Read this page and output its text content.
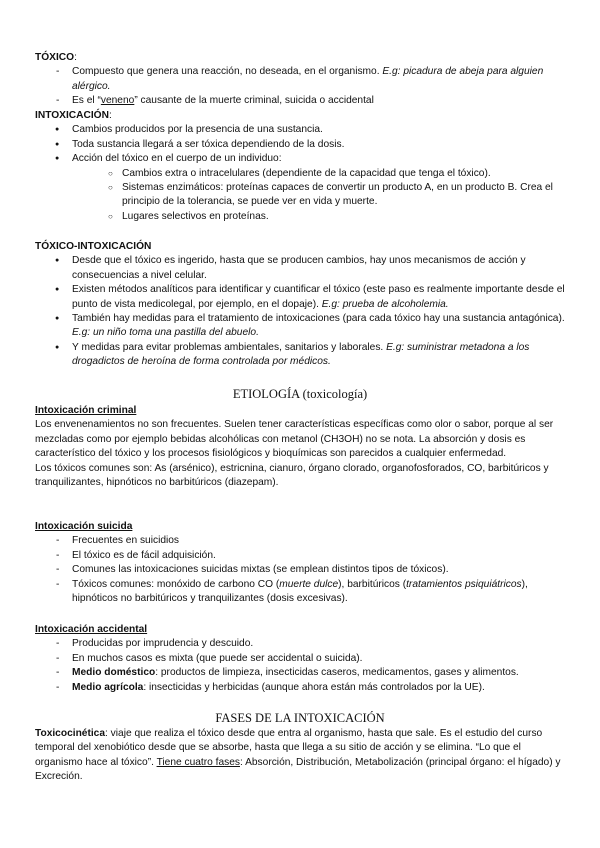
TÓXICO:
- Compuesto que genera una reacción, no deseada, en el organismo. E.g: picadura de abeja para alguien alérgico.
- Es el “veneno” causante de la muerte criminal, suicida o accidental
INTOXICACIÓN:
● Cambios producidos por la presencia de una sustancia.
● Toda sustancia llegará a ser tóxica dependiendo de la dosis.
● Acción del tóxico en el cuerpo de un individuo:
○ Cambios extra o intracelulares (dependiente de la capacidad que tenga el tóxico).
○ Sistemas enzimáticos: proteínas capaces de convertir un producto A, en un producto B. Crea el principio de la tolerancia, se puede ver en vida y muerte.
○ Lugares selectivos en proteínas.
TÓXICO-INTOXICACIÓN
● Desde que el tóxico es ingerido, hasta que se producen cambios, hay unos mecanismos de acción y consecuencias a nivel celular.
● Existen métodos analíticos para identificar y cuantificar el tóxico (este paso es realmente importante desde el punto de vista medicolegal, por ejemplo, en el dopaje). E.g: prueba de alcoholemia.
● También hay medidas para el tratamiento de intoxicaciones (para cada tóxico hay una sustancia antagónica). E.g: un niño toma una pastilla del abuelo.
● Y medidas para evitar problemas ambientales, sanitarios y laborales. E.g: suministrar metadona a los drogadictos de heroína de forma controlada por médicos.
ETIOLOGÍA (toxicología)
Intoxicación criminal

Los envenenamientos no son frecuentes. Suelen tener características específicas como olor o sabor, porque al ser mezcladas como por ejemplo bebidas alcohólicas con metanol (CH3OH) no se nota. La absorción y dosis es característico del tóxico y los procesos fisiológicos y bioquímicas son parecidos a cualquier enfermedad.

Los tóxicos comunes son: As (arsénico), estricnina, cianuro, órgano clorado, organofosforados, CO, barbitúricos y tranquilizantes, hipnóticos no barbitúricos (diazepam).

Intoxicación suicida
- Frecuentes en suicidios
- El tóxico es de fácil adquisición.
- Comunes las intoxicaciones suicidas mixtas (se emplean distintos tipos de tóxicos).
- Tóxicos comunes: monóxido de carbono CO (muerte dulce), barbitúricos (tratamientos psiquiátricos), hipnóticos no barbitúricos y tranquilizantes (dosis excesivas).
Intoxicación accidental
- Producidas por imprudencia y descuido.
- En muchos casos es mixta (que puede ser accidental o suicida).
- Medio doméstico: productos de limpieza, insecticidas caseros, medicamentos, gases y alimentos.
- Medio agrícola: insecticidas y herbicidas (aunque ahora están más controlados por la UE).
FASES DE LA INTOXICACIÓN

Toxicocinética: viaje que realiza el tóxico desde que entra al organismo, hasta que sale. Es el estudio del curso temporal del xenobiótico desde que se absorbe, hasta que llega a su sitio de acción y se elimina. “Lo que el organismo hace al tóxico”. Tiene cuatro fases: Absorción, Distribución, Metabolización (principal órgano: el hígado) y Excreción.
